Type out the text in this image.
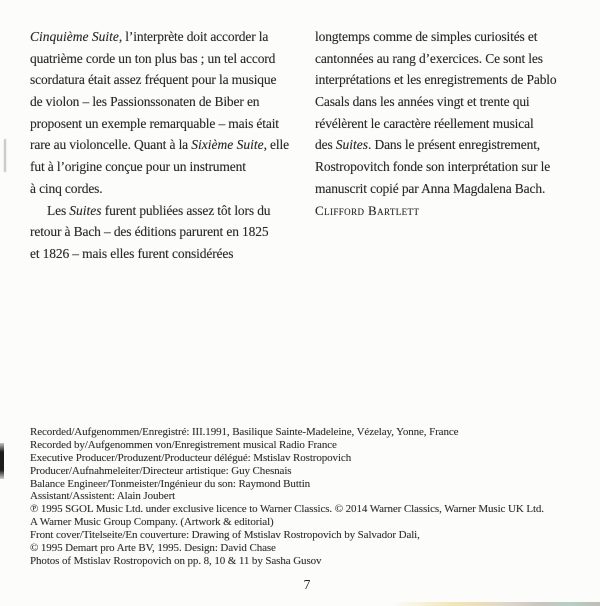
Cinquième Suite, l’interprète doit accorder la
quatrième corde un ton plus bas ; un tel accord
scordatura était assez fréquent pour la musique
de violon – les Passionssonaten de Biber en
proposent un exemple remarquable – mais était
rare au violoncelle. Quant à la Sixième Suite, elle
fut à l’origine conçue pour un instrument
à cinq cordes.
Les Suites furent publiées assez tôt lors du
retour à Bach – des éditions parurent en 1825
et 1826 – mais elles furent considérées
longtemps comme de simples curiosités et
cantonnées au rang d’exercices. Ce sont les
interprétations et les enregistrements de Pablo
Casals dans les années vingt et trente qui
révélèrent le caractère réellement musical
des Suites. Dans le présent enregistrement,
Rostropovitch fonde son interprétation sur le
manuscrit copié par Anna Magdalena Bach.
Clifford Bartlett
Recorded/Aufgenommen/Enregistré: III.1991, Basilique Sainte-Madeleine, Vézelay, Yonne, France
Recorded by/Aufgenommen von/Enregistrement musical Radio France
Executive Producer/Produzent/Producteur délégué: Mstislav Rostropovich
Producer/Aufnahmeleiter/Directeur artistique: Guy Chesnais
Balance Engineer/Tonmeister/Ingénieur du son: Raymond Buttin
Assistant/Assistent: Alain Joubert
℗ 1995 SGOL Music Ltd. under exclusive licence to Warner Classics. © 2014 Warner Classics, Warner Music UK Ltd.
A Warner Music Group Company. (Artwork & editorial)
Front cover/Titelseite/En couverture: Drawing of Mstislav Rostropovich by Salvador Dali,
© 1995 Demart pro Arte BV, 1995. Design: David Chase
Photos of Mstislav Rostropovich on pp. 8, 10 & 11 by Sasha Gusov
7
